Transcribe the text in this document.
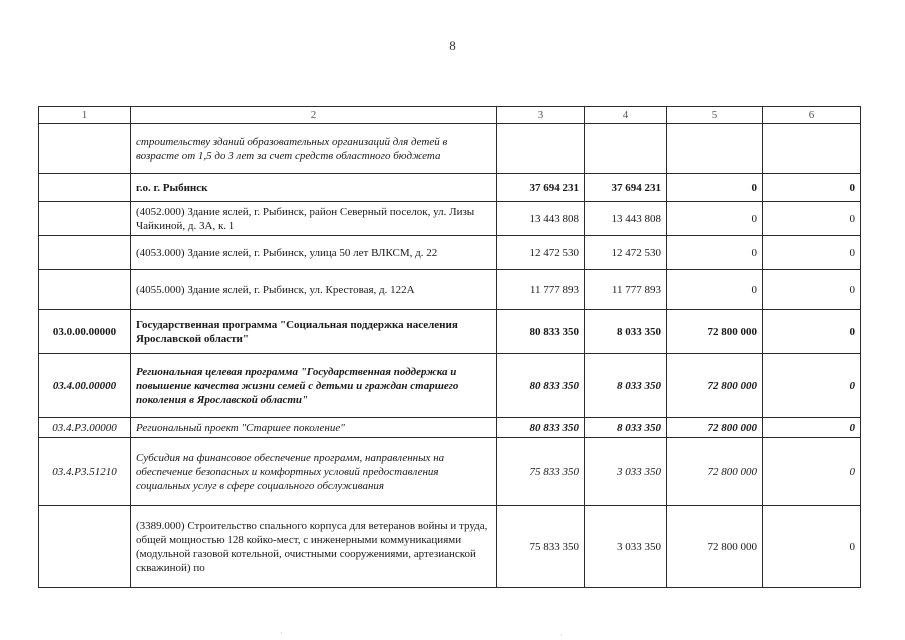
8
1	2	3	4	5	6
	строительству зданий образовательных организаций для детей в возрасте от 1,5 до 3 лет за счет средств областного бюджета				
	г.о. г. Рыбинск	37 694 231	37 694 231	0	0
	(4052.000) Здание яслей, г. Рыбинск, район Северный поселок, ул. Лизы Чайкиной, д. 3А, к. 1	13 443 808	13 443 808	0	0
	(4053.000) Здание яслей, г. Рыбинск, улица 50 лет ВЛКСМ, д. 22	12 472 530	12 472 530	0	0
	(4055.000) Здание яслей, г. Рыбинск, ул. Крестовая, д. 122А	11 777 893	11 777 893	0	0
03.0.00.00000	Государственная программа "Социальная поддержка населения Ярославской области"	80 833 350	8 033 350	72 800 000	0
03.4.00.00000	Региональная целевая программа "Государственная поддержка и повышение качества жизни семей с детьми и граждан старшего поколения в Ярославской области"	80 833 350	8 033 350	72 800 000	0
03.4.Р3.00000	Региональный проект "Старшее поколение"	80 833 350	8 033 350	72 800 000	0
03.4.Р3.51210	Субсидия на финансовое обеспечение программ, направленных на обеспечение безопасных и комфортных условий предоставления социальных услуг в сфере социального обслуживания	75 833 350	3 033 350	72 800 000	0
	(3389.000) Строительство спального корпуса для ветеранов войны и труда, общей мощностью 128 койко-мест, с инженерными коммуникациями (модульной газовой котельной, очистными сооружениями, артезианской скважиной) по	75 833 350	3 033 350	72 800 000	0
·	·
